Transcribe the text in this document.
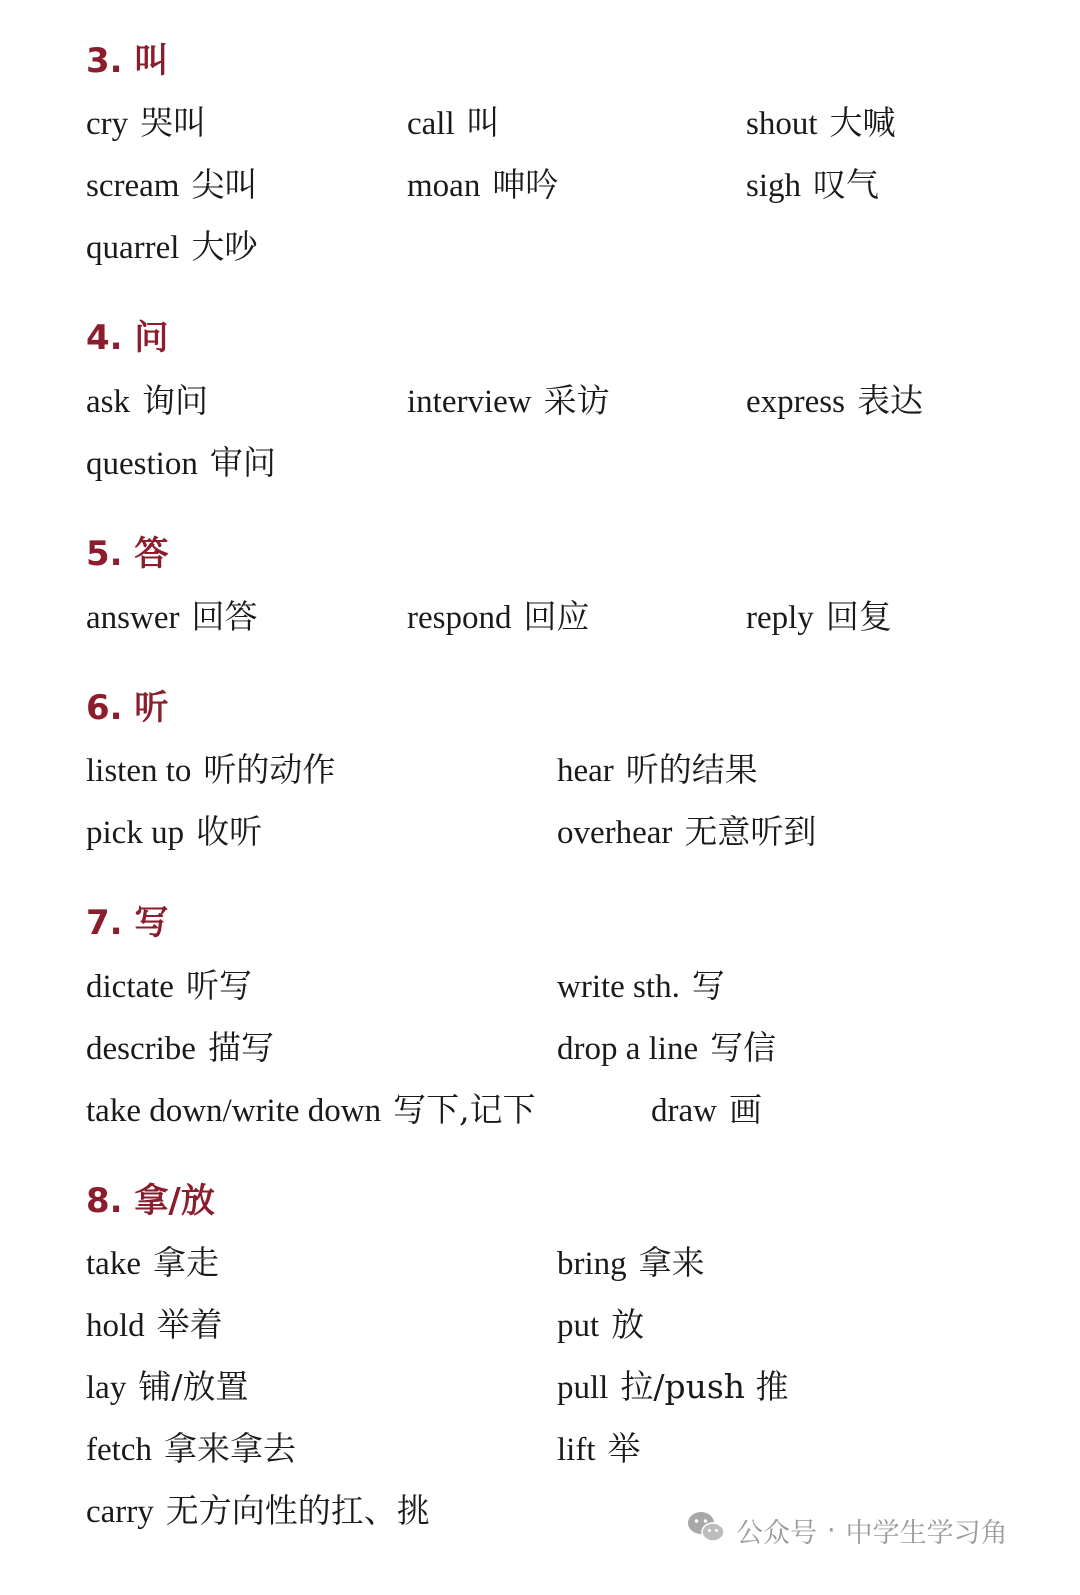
3. 叫
cry 哭叫	call 叫	shout 大喊
scream 尖叫	moan 呻吟	sigh 叹气
quarrel 大吵
4. 问
ask 询问	interview 采访	express 表达
question 审问
5. 答
answer 回答	respond 回应	reply 回复
6. 听
listen to 听的动作	hear 听的结果
pick up 收听	overhear 无意听到
7. 写
dictate 听写	write sth. 写
describe 描写	drop a line 写信
take down/write down 写下,记下	draw 画
8. 拿/放
take 拿走	bring 拿来
hold 举着	put 放
lay 铺/放置	pull 拉/push 推
fetch 拿来拿去	lift 举
carry 无方向性的扛、挑
公众号 · 中学生学习角
